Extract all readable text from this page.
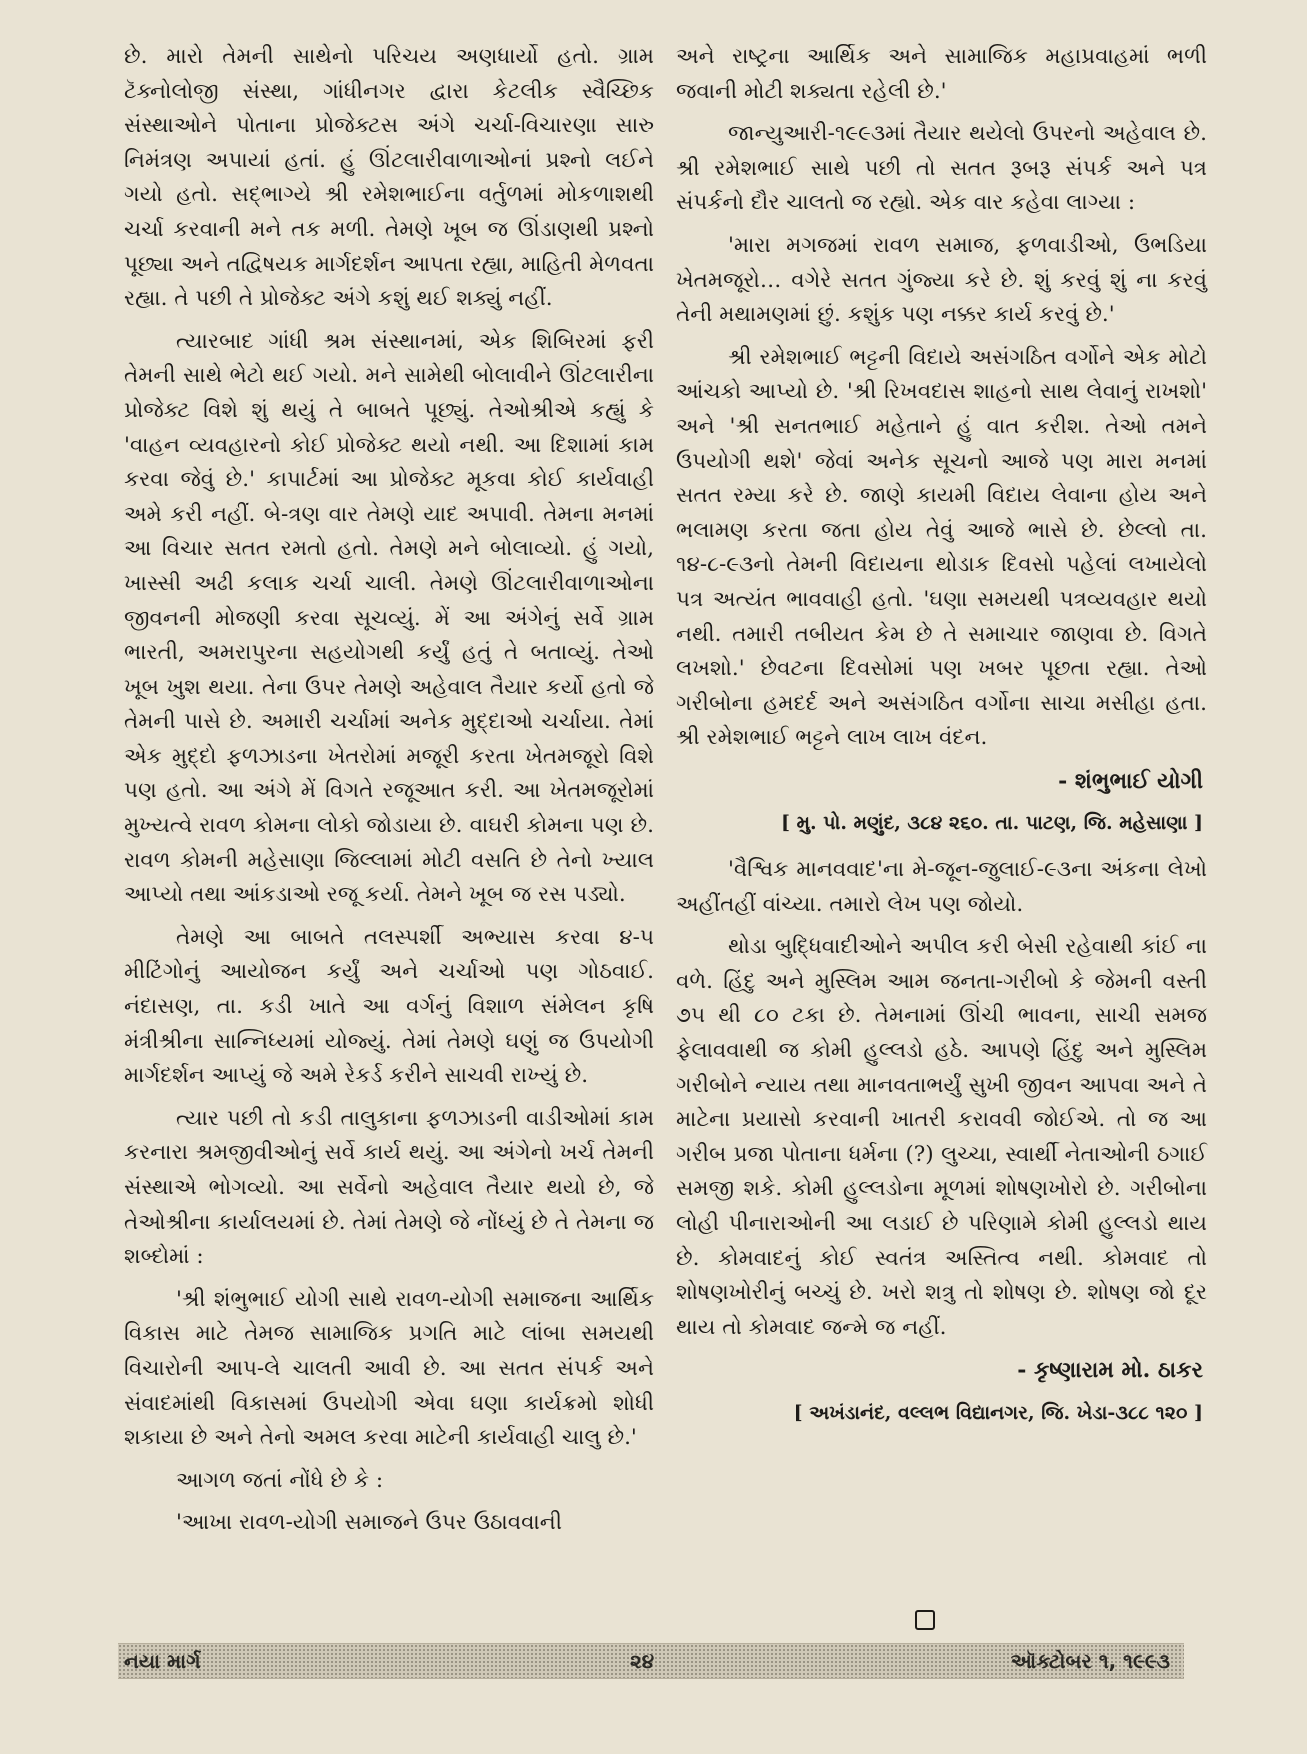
છે. મારો તેમની સાથેનો પરિચય અણધાર્યો હતો. ગ્રામ ટૅક્નોલોજી સંસ્થા, ગાંધીનગર દ્વારા કેટલીક સ્વૈચ્છિક સંસ્થાઓને પોતાના પ્રોજેક્ટસ અંગે ચર્ચા-વિચારણા સારુ નિમંત્રણ અપાયાં હતાં. હું ઊંટલારીવાળાઓનાં પ્રશ્નો લઈને ગયો હતો. સદ્ભાગ્યે શ્રી રમેશભાઈના વર્તુળમાં મોકળાશથી ચર્ચા કરવાની મને તક મળી. તેમણે ખૂબ જ ઊંડાણથી પ્રશ્નો પૂછ્યા અને તદ્વિષયક માર્ગદર્શન આપતા રહ્યા, માહિતી મેળવતા રહ્યા. તે પછી તે પ્રોજેક્ટ અંગે કશું થઈ શક્યું નહીં.

ત્યારબાદ ગાંધી શ્રમ સંસ્થાનમાં, એક શિબિરમાં ફરી તેમની સાથે ભેટો થઈ ગયો. મને સામેથી બોલાવીને ઊંટલારીના પ્રોજેક્ટ વિશે શું થયું તે બાબતે પૂછ્યું. તેઓશ્રીએ કહ્યું કે 'વાહન વ્યવહારનો કોઈ પ્રોજેક્ટ થયો નથી. આ દિશામાં કામ કરવા જેવું છે.' કાપાર્ટમાં આ પ્રોજેક્ટ મૂકવા કોઈ કાર્યવાહી અમે કરી નહીં. બે-ત્રણ વાર તેમણે યાદ અપાવી. તેમના મનમાં આ વિચાર સતત રમતો હતો. તેમણે મને બોલાવ્યો. હું ગયો, ખાસ્સી અઢી કલાક ચર્ચા ચાલી. તેમણે ઊંટલારીવાળાઓના જીવનની મોજણી કરવા સૂચવ્યું. મેં આ અંગેનું સર્વે ગ્રામ ભારતી, અમરાપુરના સહયોગથી કર્યું હતું તે બતાવ્યું. તેઓ ખૂબ ખુશ થયા. તેના ઉપર તેમણે અહેવાલ તૈયાર કર્યો હતો જે તેમની પાસે છે. અમારી ચર્ચામાં અનેક મુદ્દાઓ ચર્ચાયા. તેમાં એક મુદ્દો ફળઝાડના ખેતરોમાં મજૂરી કરતા ખેતમજૂરો વિશે પણ હતો. આ અંગે મેં વિગતે રજૂઆત કરી. આ ખેતમજૂરોમાં મુખ્યત્વે રાવળ કોમના લોકો જોડાયા છે. વાઘરી કોમના પણ છે. રાવળ કોમની મહેસાણા જિલ્લામાં મોટી વસતિ છે તેનો ખ્યાલ આપ્યો તથા આંકડાઓ રજૂ કર્યા. તેમને ખૂબ જ રસ પડ્યો.

તેમણે આ બાબતે તલસ્પર્શી અભ્યાસ કરવા ૪-૫ મીટિંગોનું આયોજન કર્યું અને ચર્ચાઓ પણ ગોઠવાઈ. નંદાસણ, તા. કડી ખાતે આ વર્ગનું વિશાળ સંમેલન કૃષિ મંત્રીશ્રીના સાન્નિધ્યમાં યોજ્યું. તેમાં તેમણે ઘણું જ ઉપયોગી માર્ગદર્શન આપ્યું જે અમે રેકર્ડ કરીને સાચવી રાખ્યું છે.

ત્યાર પછી તો કડી તાલુકાના ફળઝાડની વાડીઓમાં કામ કરનારા શ્રમજીવીઓનું સર્વે કાર્ય થયું. આ અંગેનો ખર્ચ તેમની સંસ્થાએ ભોગવ્યો. આ સર્વેનો અહેવાલ તૈયાર થયો છે, જે તેઓશ્રીના કાર્યાલયમાં છે. તેમાં તેમણે જે નોંધ્યું છે તે તેમના જ શબ્દોમાં :

'શ્રી શંભુભાઈ યોગી સાથે રાવળ-યોગી સમાજના આર્થિક વિકાસ માટે તેમજ સામાજિક પ્રગતિ માટે લાંબા સમયથી વિચારોની આપ-લે ચાલતી આવી છે. આ સતત સંપર્ક અને સંવાદમાંથી વિકાસમાં ઉપયોગી એવા ઘણા કાર્યક્રમો શોધી શકાયા છે અને તેનો અમલ કરવા માટેની કાર્યવાહી ચાલુ છે.'

આગળ જતાં નોંધે છે કે :

'આખા રાવળ-યોગી સમાજને ઉપર ઉઠાવવાની

અને રાષ્ટ્રના આર્થિક અને સામાજિક મહાપ્રવાહમાં ભળી જવાની મોટી શક્યતા રહેલી છે.'

જાન્યુઆરી-૧૯૯૩માં તૈયાર થયેલો ઉપરનો અહેવાલ છે. શ્રી રમેશભાઈ સાથે પછી તો સતત રૂબરૂ સંપર્ક અને પત્ર સંપર્કનો દૌર ચાલતો જ રહ્યો. એક વાર કહેવા લાગ્યા :

'મારા મગજમાં રાવળ સમાજ, ફળવાડીઓ, ઉભડિયા ખેતમજૂરો… વગેરે સતત ગુંજ્યા કરે છે. શું કરવું શું ના કરવું તેની મથામણમાં છું. કશુંક પણ નક્કર કાર્ય કરવું છે.'

શ્રી રમેશભાઈ ભટ્ટની વિદાયે અસંગઠિત વર્ગોને એક મોટો આંચકો આપ્યો છે. 'શ્રી રિખવદાસ શાહનો સાથ લેવાનું રાખશો' અને 'શ્રી સનતભાઈ મહેતાને હું વાત કરીશ. તેઓ તમને ઉપયોગી થશે' જેવાં અનેક સૂચનો આજે પણ મારા મનમાં સતત રમ્યા કરે છે. જાણે કાયમી વિદાય લેવાના હોય અને ભલામણ કરતા જતા હોય તેવું આજે ભાસે છે. છેલ્લો તા. ૧૪-૮-૯૩નો તેમની વિદાયના થોડાક દિવસો પહેલાં લખાયેલો પત્ર અત્યંત ભાવવાહી હતો. 'ઘણા સમયથી પત્રવ્યવહાર થયો નથી. તમારી તબીયત કેમ છે તે સમાચાર જાણવા છે. વિગતે લખશો.' છેવટના દિવસોમાં પણ ખબર પૂછતા રહ્યા. તેઓ ગરીબોના હમદર્દ અને અસંગઠિત વર્ગોના સાચા મસીહા હતા. શ્રી રમેશભાઈ ભટ્ટને લાખ લાખ વંદન.

- શંભુભાઈ યોગી
[ મુ. પો. મણુંદ, ૩૮૪ ૨૬૦. તા. પાટણ, જિ. મહેસાણા ]

'વૈશ્વિક માનવવાદ'ના મે-જૂન-જુલાઈ-૯૩ના અંકના લેખો અહીંતહીં વાંચ્યા. તમારો લેખ પણ જોયો.

થોડા બુદ્ધિવાદીઓને અપીલ કરી બેસી રહેવાથી કાંઈ ના વળે. હિંદુ અને મુસ્લિમ આમ જનતા-ગરીબો કે જેમની વસ્તી ૭૫ થી ૮૦ ટકા છે. તેમનામાં ઊંચી ભાવના, સાચી સમજ ફેલાવવાથી જ કોમી હુલ્લડો હઠે. આપણે હિંદુ અને મુસ્લિમ ગરીબોને ન્યાય તથા માનવતાભર્યું સુખી જીવન આપવા અને તે માટેના પ્રયાસો કરવાની ખાતરી કરાવવી જોઈએ. તો જ આ ગરીબ પ્રજા પોતાના ધર્મના (?) લુચ્ચા, સ્વાર્થી નેતાઓની ઠગાઈ સમજી શકે. કોમી હુલ્લડોના મૂળમાં શોષણખોરો છે. ગરીબોના લોહી પીનારાઓની આ લડાઈ છે પરિણામે કોમી હુલ્લડો થાય છે. કોમવાદનું કોઈ સ્વતંત્ર અસ્તિત્વ નથી. કોમવાદ તો શોષણખોરીનું બચ્ચું છે. ખરો શત્રુ તો શોષણ છે. શોષણ જો દૂર થાય તો કોમવાદ જન્મે જ નહીં.

- કૃષ્ણારામ મો. ઠાકર
[ અખંડાનંદ, વલ્લભ વિદ્યાનગર, જિ. ખેડા-૩૮૮ ૧૨૦ ]
નયા માર્ગ	૨૪	ઑક્ટોબર ૧, ૧૯૯૩
